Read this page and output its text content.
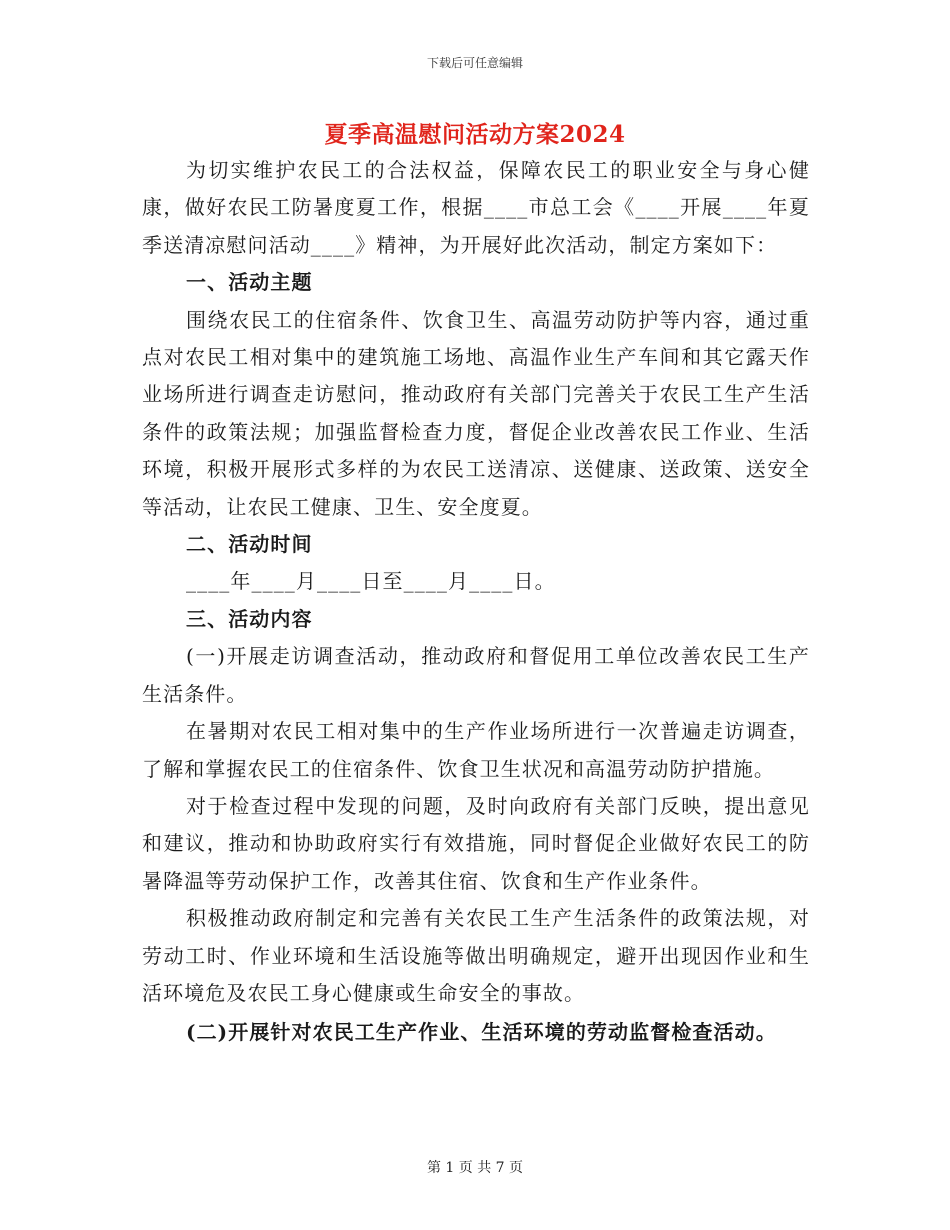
下载后可任意编辑
夏季高温慰问活动方案2024

为切实维护农民工的合法权益，保障农民工的职业安全与身心健康，做好农民工防暑度夏工作，根据____市总工会《____开展____年夏季送清凉慰问活动____》精神，为开展好此次活动，制定方案如下：

一、活动主题

围绕农民工的住宿条件、饮食卫生、高温劳动防护等内容，通过重点对农民工相对集中的建筑施工场地、高温作业生产车间和其它露天作业场所进行调查走访慰问，推动政府有关部门完善关于农民工生产生活条件的政策法规；加强监督检查力度，督促企业改善农民工作业、生活环境，积极开展形式多样的为农民工送清凉、送健康、送政策、送安全等活动，让农民工健康、卫生、安全度夏。

二、活动时间

____年____月____日至____月____日。

三、活动内容

(一)开展走访调查活动，推动政府和督促用工单位改善农民工生产生活条件。

在暑期对农民工相对集中的生产作业场所进行一次普遍走访调查，了解和掌握农民工的住宿条件、饮食卫生状况和高温劳动防护措施。

对于检查过程中发现的问题，及时向政府有关部门反映，提出意见和建议，推动和协助政府实行有效措施，同时督促企业做好农民工的防暑降温等劳动保护工作，改善其住宿、饮食和生产作业条件。

积极推动政府制定和完善有关农民工生产生活条件的政策法规，对劳动工时、作业环境和生活设施等做出明确规定，避开出现因作业和生活环境危及农民工身心健康或生命安全的事故。

(二)开展针对农民工生产作业、生活环境的劳动监督检查活动。

第 1 页 共 7 页
